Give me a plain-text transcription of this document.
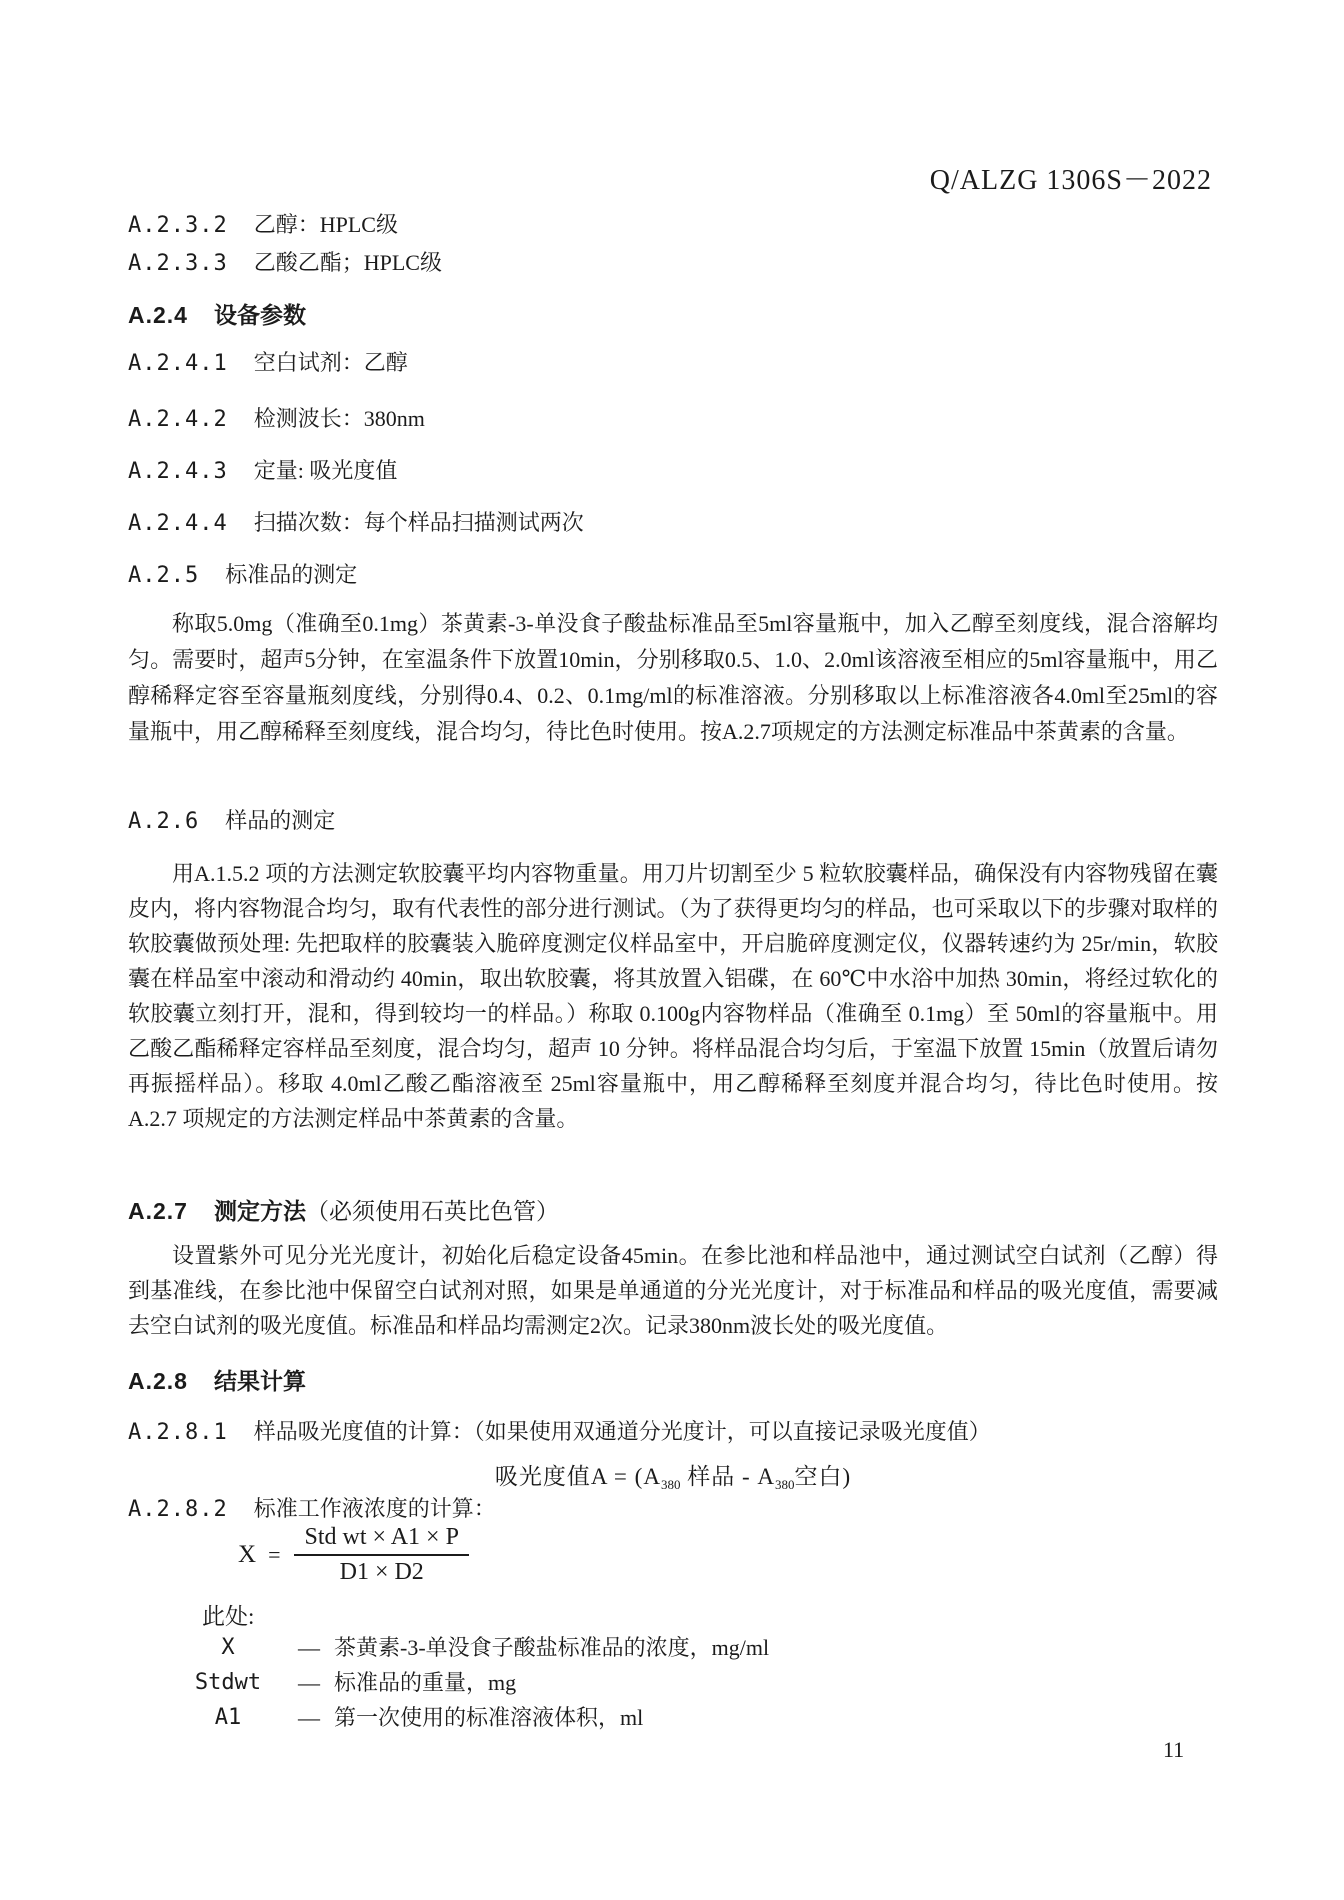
Q/ALZG 1306S－2022
A.2.3.2 乙醇：HPLC级
A.2.3.3 乙酸乙酯；HPLC级
A.2.4 设备参数
A.2.4.1 空白试剂：乙醇
A.2.4.2 检测波长：380nm
A.2.4.3 定量: 吸光度值
A.2.4.4 扫描次数：每个样品扫描测试两次
A.2.5 标准品的测定
称取5.0mg（准确至0.1mg）茶黄素-3-单没食子酸盐标准品至5ml容量瓶中，加入乙醇至刻度线，混合溶解均匀。需要时，超声5分钟，在室温条件下放置10min，分别移取0.5、1.0、2.0ml该溶液至相应的5ml容量瓶中，用乙醇稀释定容至容量瓶刻度线，分别得0.4、0.2、0.1mg/ml的标准溶液。分别移取以上标准溶液各4.0ml至25ml的容量瓶中，用乙醇稀释至刻度线，混合均匀，待比色时使用。按A.2.7项规定的方法测定标准品中茶黄素的含量。
A.2.6 样品的测定
用A.1.5.2 项的方法测定软胶囊平均内容物重量。用刀片切割至少 5 粒软胶囊样品，确保没有内容物残留在囊皮内，将内容物混合均匀，取有代表性的部分进行测试。（为了获得更均匀的样品，也可采取以下的步骤对取样的软胶囊做预处理: 先把取样的胶囊装入脆碎度测定仪样品室中，开启脆碎度测定仪，仪器转速约为 25r/min，软胶囊在样品室中滚动和滑动约 40min，取出软胶囊，将其放置入铝碟，在 60℃中水浴中加热 30min，将经过软化的软胶囊立刻打开，混和，得到较均一的样品。）称取 0.100g内容物样品（准确至 0.1mg）至 50ml的容量瓶中。用乙酸乙酯稀释定容样品至刻度，混合均匀，超声 10 分钟。将样品混合均匀后，于室温下放置 15min（放置后请勿再振摇样品）。移取 4.0ml乙酸乙酯溶液至 25ml容量瓶中，用乙醇稀释至刻度并混合均匀，待比色时使用。按A.2.7 项规定的方法测定样品中茶黄素的含量。
A.2.7 测定方法（必须使用石英比色管）
设置紫外可见分光光度计，初始化后稳定设备45min。在参比池和样品池中，通过测试空白试剂（乙醇）得到基准线，在参比池中保留空白试剂对照，如果是单通道的分光光度计，对于标准品和样品的吸光度值，需要减去空白试剂的吸光度值。标准品和样品均需测定2次。记录380nm波长处的吸光度值。
A.2.8 结果计算
A.2.8.1 样品吸光度值的计算：（如果使用双通道分光度计，可以直接记录吸光度值）
吸光度值$A = (A_{380}$ 样品 - $A_{380}$空白)
A.2.8.2 标准工作液浓度的计算：
$X = \frac{\text{Std wt × A1 × P}}{D1 \times D2}$
此处:
X	— 茶黄素-3-单没食子酸盐标准品的浓度，mg/ml
Stdwt	— 标准品的重量，mg
A1	— 第一次使用的标准溶液体积，ml
11
